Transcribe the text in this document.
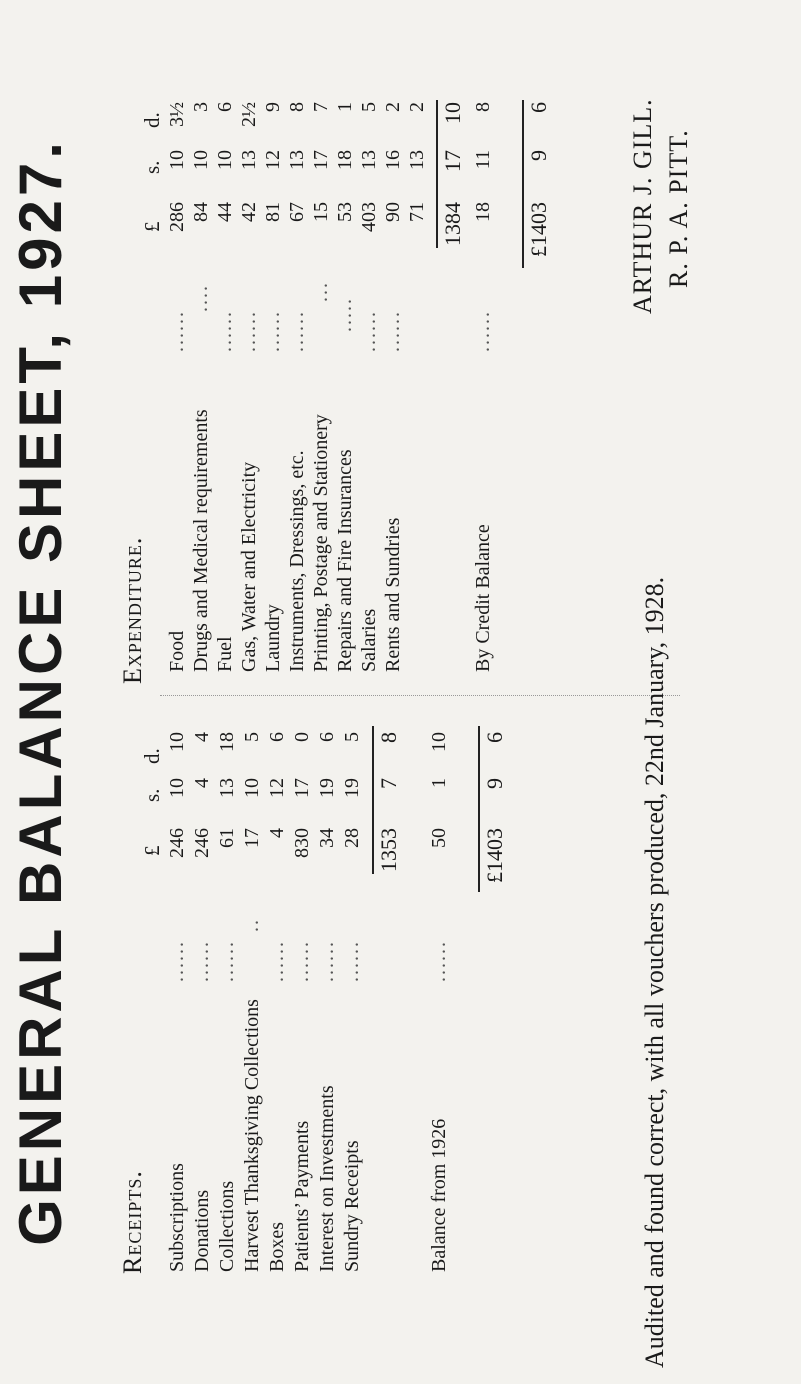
GENERAL BALANCE SHEET, 1927. Receipts.
£
s.
d.
Subscriptions
......
246
10
10
Donations
......
246
4
4
Collections
......
61
13
18
Harvest Thanksgiving Collections
..
17
10
5
Boxes
......
4
12
6
Patients’ Payments
......
830
17
0
Interest on Investments
......
34
19
6
Sundry Receipts
......
28
19
5
1353
7
8
Balance from 1926
......
50
1
10
£1403
9
6
Expenditure.
£
s.
d.
Food
......
286
10
3½
Drugs and Medical requirements
....
84
10
3
Fuel
......
44
10
6
Gas, Water and Electricity
......
42
13
2½
Laundry
......
81
12
9
Instruments, Dressings, etc.
......
67
13
8
Printing, Postage and Stationery
...
15
17
7
Repairs and Fire Insurances
.....
53
18
1
Salaries
......
403
13
5
Rents and Sundries
......
90
16
2
71
13
2
1384
17
10
By Credit Balance
......
18
11
8
£1403
9
6
Audited and found correct, with all vouchers produced, 22nd January, 1928.
ARTHUR J. GILL. R. P. A. PITT.
